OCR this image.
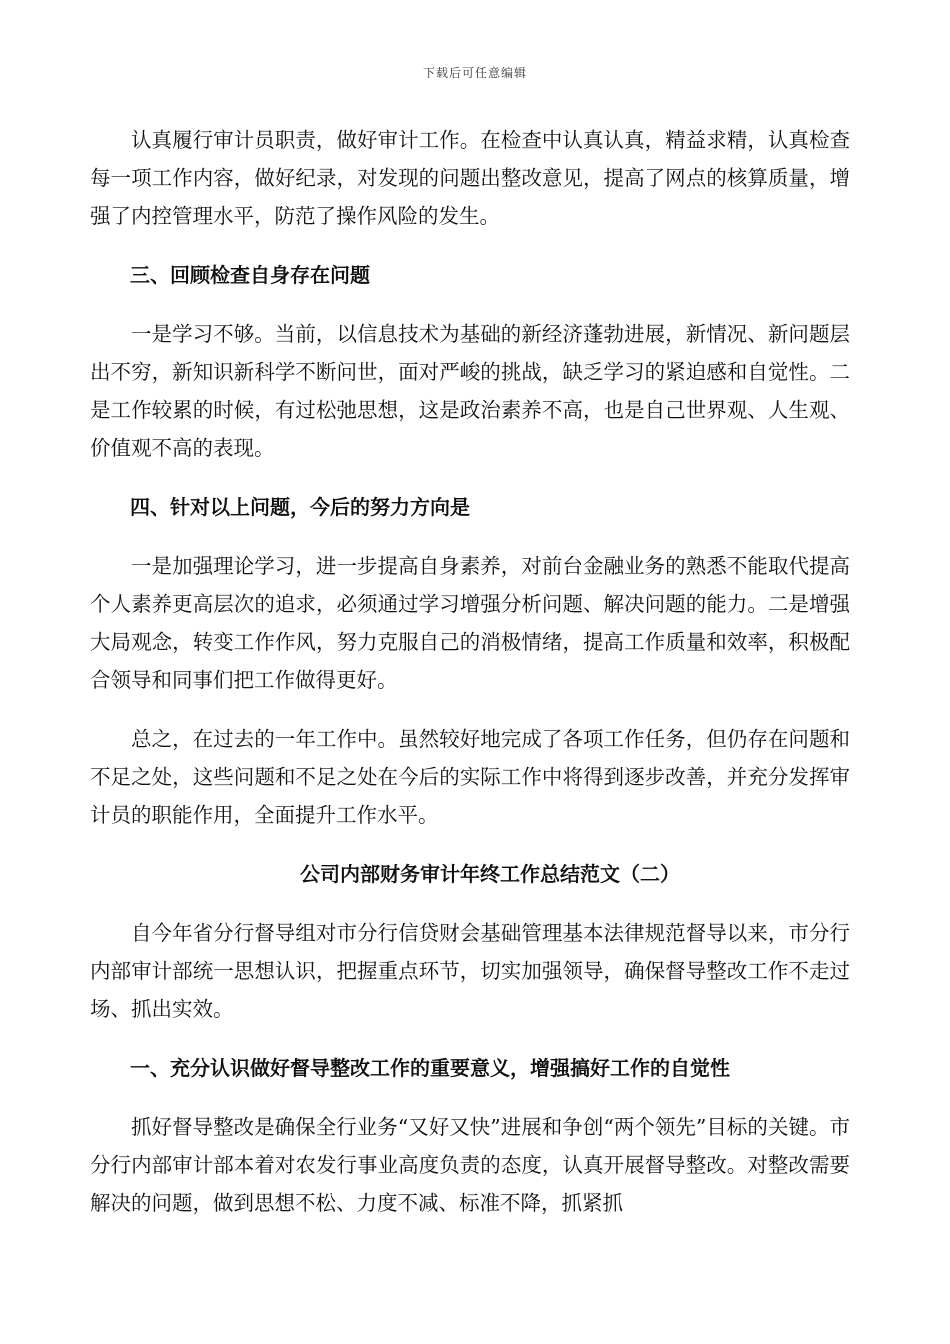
下载后可任意编辑

认真履行审计员职责，做好审计工作。在检查中认真认真，精益求精，认真检查每一项工作内容，做好纪录，对发现的问题出整改意见，提高了网点的核算质量，增强了内控管理水平，防范了操作风险的发生。

三、回顾检查自身存在问题

一是学习不够。当前，以信息技术为基础的新经济蓬勃进展，新情况、新问题层出不穷，新知识新科学不断问世，面对严峻的挑战，缺乏学习的紧迫感和自觉性。二是工作较累的时候，有过松弛思想，这是政治素养不高，也是自己世界观、人生观、价值观不高的表现。

四、针对以上问题，今后的努力方向是

一是加强理论学习，进一步提高自身素养，对前台金融业务的熟悉不能取代提高个人素养更高层次的追求，必须通过学习增强分析问题、解决问题的能力。二是增强大局观念，转变工作作风，努力克服自己的消极情绪，提高工作质量和效率，积极配合领导和同事们把工作做得更好。

总之，在过去的一年工作中。虽然较好地完成了各项工作任务，但仍存在问题和不足之处，这些问题和不足之处在今后的实际工作中将得到逐步改善，并充分发挥审计员的职能作用，全面提升工作水平。

公司内部财务审计年终工作总结范文（二）

自今年省分行督导组对市分行信贷财会基础管理基本法律规范督导以来，市分行内部审计部统一思想认识，把握重点环节，切实加强领导，确保督导整改工作不走过场、抓出实效。

一、充分认识做好督导整改工作的重要意义，增强搞好工作的自觉性

抓好督导整改是确保全行业务“又好又快”进展和争创“两个领先”目标的关键。市分行内部审计部本着对农发行事业高度负责的态度，认真开展督导整改。对整改需要解决的问题，做到思想不松、力度不减、标准不降，抓紧抓
